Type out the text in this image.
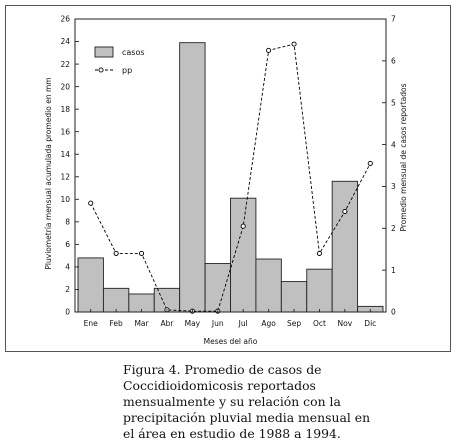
0
2
4
6
8
10
12
14
16
18
20
22
24
26
0
1
2
3
4
5
6
7
Ene Feb Mar Abr May Jun Jul Ago Sep Oct Nov Dic
Meses del año
Pluviometría mensual acumulada promedio en mm	Promedio mensual de casos reportados
casos
pp
Figura 4. Promedio de casos de
Coccidioidomicosis reportados
mensualmente y su relación con la
precipitación pluvial media mensual en
el área en estudio de 1988 a 1994.
